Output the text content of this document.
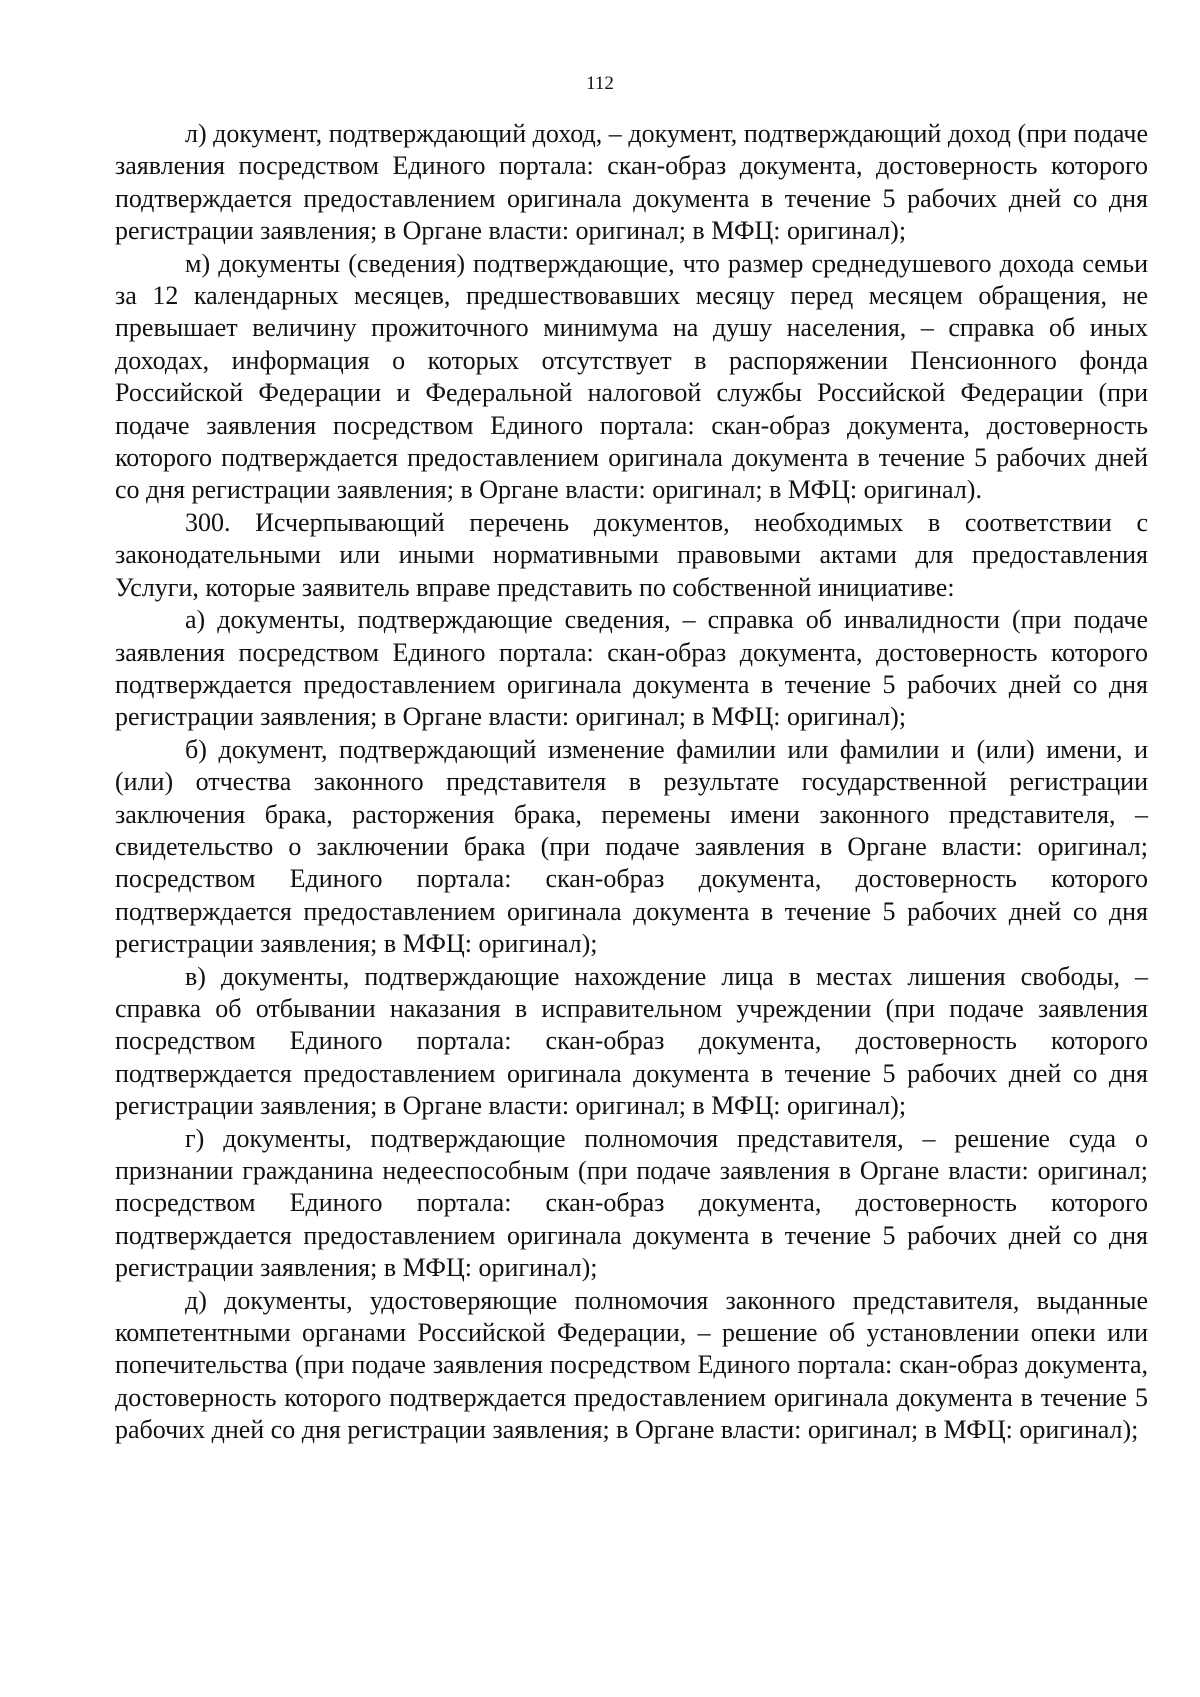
112

л) документ, подтверждающий доход, – документ, подтверждающий доход (при подаче заявления посредством Единого портала: скан-образ документа, достоверность которого подтверждается предоставлением оригинала документа в течение 5 рабочих дней со дня регистрации заявления; в Органе власти: оригинал; в МФЦ: оригинал);

м) документы (сведения) подтверждающие, что размер среднедушевого дохода семьи за 12 календарных месяцев, предшествовавших месяцу перед месяцем обращения, не превышает величину прожиточного минимума на душу населения, – справка об иных доходах, информация о которых отсутствует в распоряжении Пенсионного фонда Российской Федерации и Федеральной налоговой службы Российской Федерации (при подаче заявления посредством Единого портала: скан-образ документа, достоверность которого подтверждается предоставлением оригинала документа в течение 5 рабочих дней со дня регистрации заявления; в Органе власти: оригинал; в МФЦ: оригинал).

300. Исчерпывающий перечень документов, необходимых в соответствии с законодательными или иными нормативными правовыми актами для предоставления Услуги, которые заявитель вправе представить по собственной инициативе:

а) документы, подтверждающие сведения, – справка об инвалидности (при подаче заявления посредством Единого портала: скан-образ документа, достоверность которого подтверждается предоставлением оригинала документа в течение 5 рабочих дней со дня регистрации заявления; в Органе власти: оригинал; в МФЦ: оригинал);

б) документ, подтверждающий изменение фамилии или фамилии и (или) имени, и (или) отчества законного представителя в результате государственной регистрации заключения брака, расторжения брака, перемены имени законного представителя, – свидетельство о заключении брака (при подаче заявления в Органе власти: оригинал; посредством Единого портала: скан-образ документа, достоверность которого подтверждается предоставлением оригинала документа в течение 5 рабочих дней со дня регистрации заявления; в МФЦ: оригинал);

в) документы, подтверждающие нахождение лица в местах лишения свободы, – справка об отбывании наказания в исправительном учреждении (при подаче заявления посредством Единого портала: скан-образ документа, достоверность которого подтверждается предоставлением оригинала документа в течение 5 рабочих дней со дня регистрации заявления; в Органе власти: оригинал; в МФЦ: оригинал);

г) документы, подтверждающие полномочия представителя, – решение суда о признании гражданина недееспособным (при подаче заявления в Органе власти: оригинал; посредством Единого портала: скан-образ документа, достоверность которого подтверждается предоставлением оригинала документа в течение 5 рабочих дней со дня регистрации заявления; в МФЦ: оригинал);

д) документы, удостоверяющие полномочия законного представителя, выданные компетентными органами Российской Федерации, – решение об установлении опеки или попечительства (при подаче заявления посредством Единого портала: скан-образ документа, достоверность которого подтверждается предоставлением оригинала документа в течение 5 рабочих дней со дня регистрации заявления; в Органе власти: оригинал; в МФЦ: оригинал);
